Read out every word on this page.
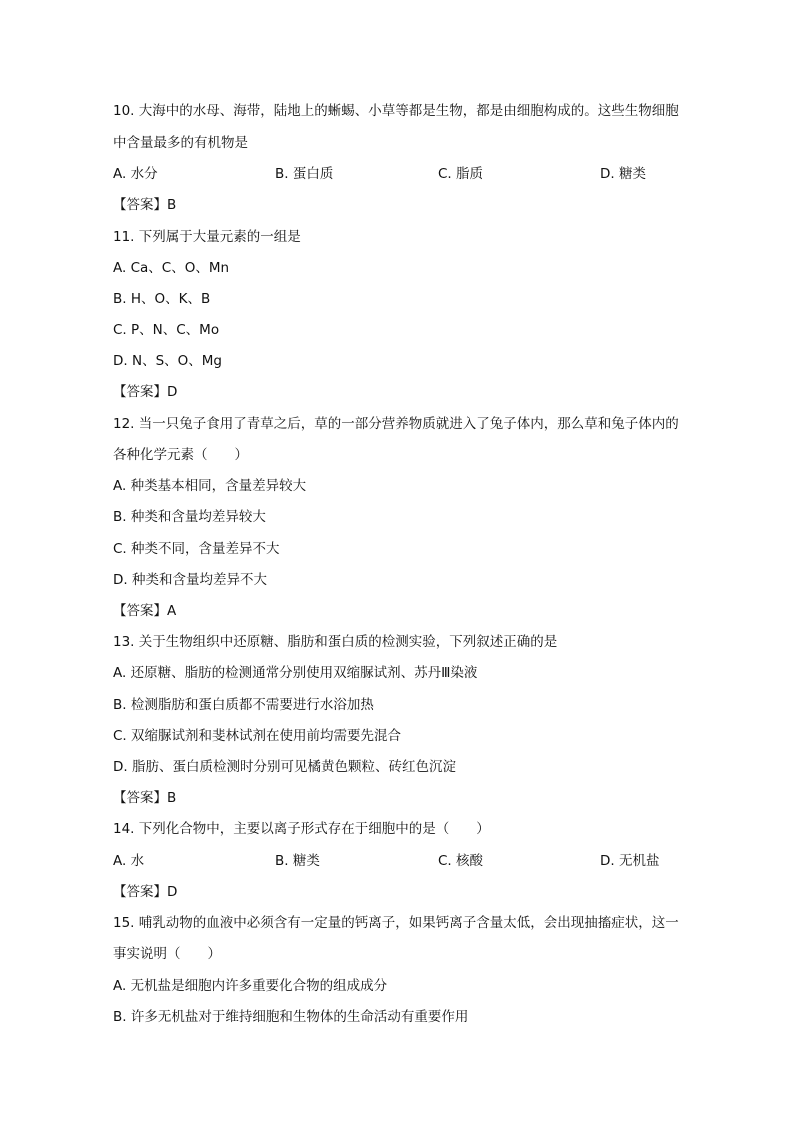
10. 大海中的水母、海带，陆地上的蜥蜴、小草等都是生物，都是由细胞构成的。这些生物细胞
中含量最多的有机物是
A. 水分	B. 蛋白质	C. 脂质	D. 糖类
【答案】B
11. 下列属于大量元素的一组是
A. Ca、C、O、Mn
B. H、O、K、B
C. P、N、C、Mo
D. N、S、O、Mg
【答案】D
12. 当一只兔子食用了青草之后，草的一部分营养物质就进入了兔子体内，那么草和兔子体内的
各种化学元素（　　）
A. 种类基本相同，含量差异较大
B. 种类和含量均差异较大
C. 种类不同，含量差异不大
D. 种类和含量均差异不大
【答案】A
13. 关于生物组织中还原糖、脂肪和蛋白质的检测实验，下列叙述正确的是
A. 还原糖、脂肪的检测通常分别使用双缩脲试剂、苏丹Ⅲ染液
B. 检测脂肪和蛋白质都不需要进行水浴加热
C. 双缩脲试剂和斐林试剂在使用前均需要先混合
D. 脂肪、蛋白质检测时分别可见橘黄色颗粒、砖红色沉淀
【答案】B
14. 下列化合物中，主要以离子形式存在于细胞中的是（　　）
A. 水	B. 糖类	C. 核酸	D. 无机盐
【答案】D
15. 哺乳动物的血液中必须含有一定量的钙离子，如果钙离子含量太低，会出现抽搐症状，这一
事实说明（　　）
A. 无机盐是细胞内许多重要化合物的组成成分
B. 许多无机盐对于维持细胞和生物体的生命活动有重要作用
